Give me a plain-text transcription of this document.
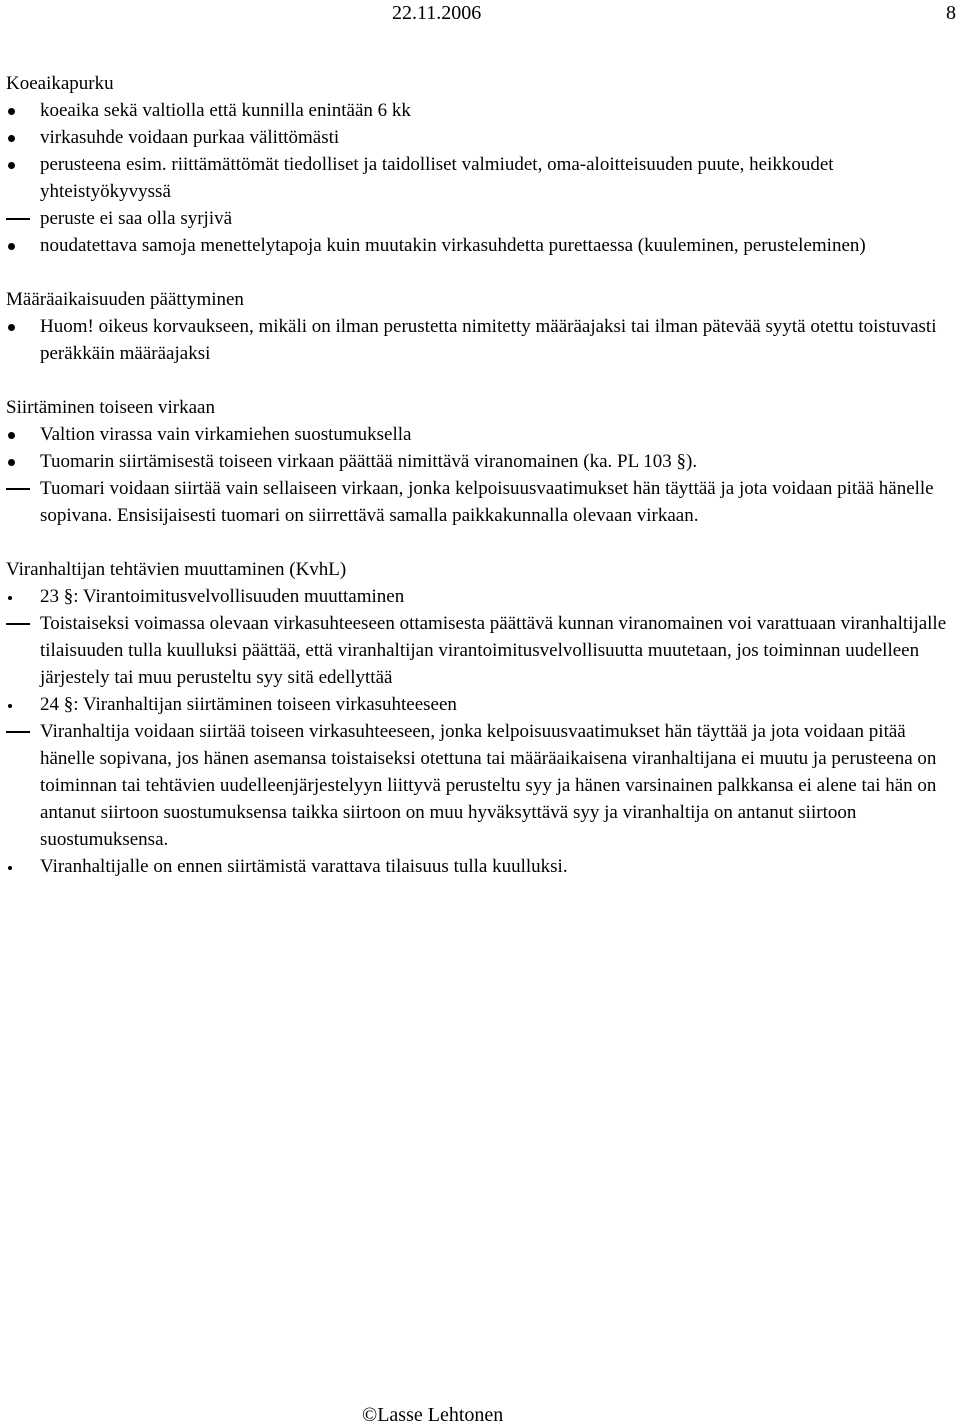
22.11.2006	8
Koeaikapurku
koeaika sekä valtiolla että kunnilla enintään 6 kk
virkasuhde voidaan purkaa välittömästi
perusteena esim. riittämättömät tiedolliset ja taidolliset valmiudet, oma-aloitteisuuden puute, heikkoudet yhteistyökyvyssä
peruste ei saa olla syrjivä
noudatettava samoja menettelytapoja kuin muutakin virkasuhdetta purettaessa (kuuleminen, perusteleminen)
Määräaikaisuuden päättyminen
Huom! oikeus korvaukseen, mikäli on ilman perustetta nimitetty määräajaksi tai ilman pätevää syytä otettu toistuvasti peräkkäin määräajaksi
Siirtäminen toiseen virkaan
Valtion virassa vain virkamiehen suostumuksella
Tuomarin siirtämisestä toiseen virkaan päättää nimittävä viranomainen (ka. PL 103 §).
Tuomari voidaan siirtää vain sellaiseen virkaan, jonka kelpoisuusvaatimukset hän täyttää ja jota voidaan pitää hänelle sopivana. Ensisijaisesti tuomari on siirrettävä samalla paikkakunnalla olevaan virkaan.
Viranhaltijan tehtävien muuttaminen (KvhL)
23 §: Virantoimitusvelvollisuuden muuttaminen
Toistaiseksi voimassa olevaan virkasuhteeseen ottamisesta päättävä kunnan viranomainen voi varattuaan viranhaltijalle tilaisuuden tulla kuulluksi päättää, että viranhaltijan virantoimitusvelvollisuutta muutetaan, jos toiminnan uudelleen järjestely tai muu perusteltu syy sitä edellyttää
24 §: Viranhaltijan siirtäminen toiseen virkasuhteeseen
Viranhaltija voidaan siirtää toiseen virkasuhteeseen, jonka kelpoisuusvaatimukset hän täyttää ja jota voidaan pitää hänelle sopivana, jos hänen asemansa toistaiseksi otettuna tai määräaikaisena viranhaltijana ei muutu ja perusteena on toiminnan tai tehtävien uudelleenjärjestelyyn liittyvä perusteltu syy ja hänen varsinainen palkkansa ei alene tai hän on antanut siirtoon suostumuksensa taikka siirtoon on muu hyväksyttävä syy ja viranhaltija on antanut siirtoon suostumuksensa.
Viranhaltijalle on ennen siirtämistä varattava tilaisuus tulla kuulluksi.
©Lasse Lehtonen
